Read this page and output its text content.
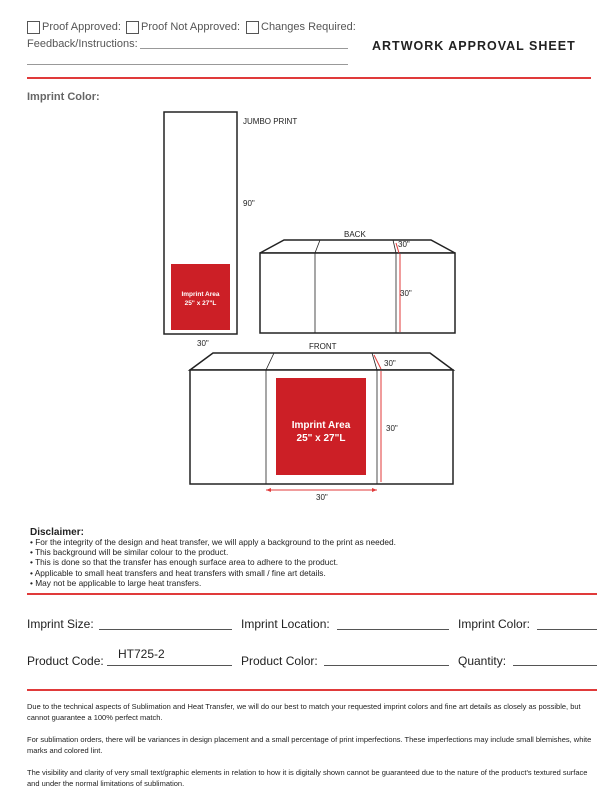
Proof Approved: Proof Not Approved: Changes Required:
Feedback/Instructions:	ARTWORK APPROVAL SHEET
Imprint Color:
Imprint Area
25" x 27"L
JUMBO PRINT
90"
30"
BACK
30"
30"
Imprint Area
25" x 27"L
FRONT
30"
30"
30"
Disclaimer:
• For the integrity of the design and heat transfer, we will apply a background to the print as needed.
• This background will be similar colour to the product.
• This is done so that the transfer has enough surface area to adhere to the product.
• Applicable to small heat transfers and heat transfers with small / fine art details.
• May not be applicable to large heat transfers.
Imprint Size:	Imprint Location:	Imprint Color:
Product Code: HT725-2	Product Color:	Quantity:
Due to the technical aspects of Sublimation and Heat Transfer, we will do our best to match your requested imprint colors and fine art details as closely as possible, but cannot guarantee a 100% perfect match.
For sublimation orders, there will be variances in design placement and a small percentage of print imperfections. These imperfections may include small blemishes, white marks and colored lint.
The visibility and clarity of very small text/graphic elements in relation to how it is digitally shown cannot be guaranteed due to the nature of the product's textured surface and under the normal limitations of sublimation.
